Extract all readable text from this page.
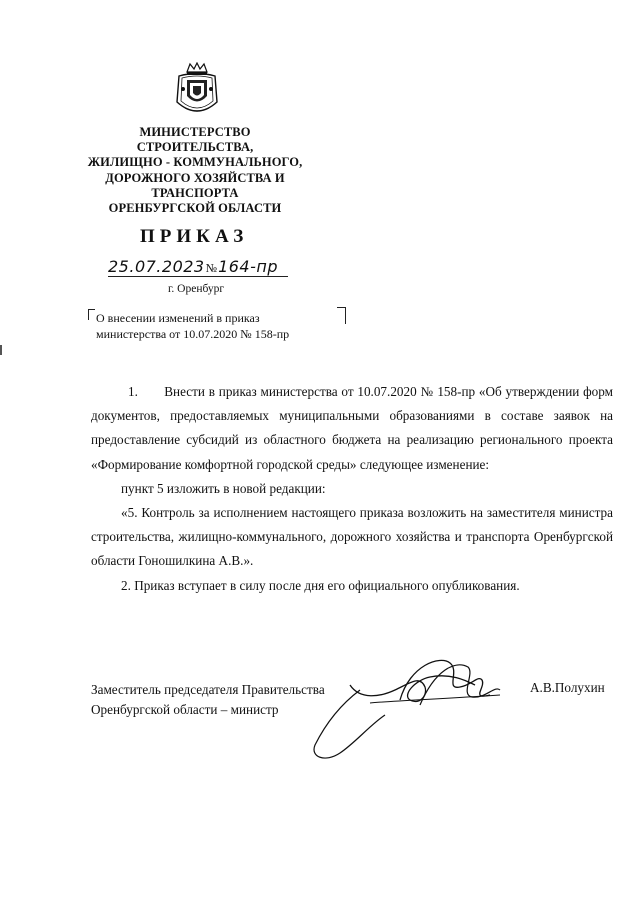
МИНИСТЕРСТВО
СТРОИТЕЛЬСТВА,
ЖИЛИЩНО - КОММУНАЛЬНОГО,
ДОРОЖНОГО ХОЗЯЙСТВА И
ТРАНСПОРТА
ОРЕНБУРГСКОЙ ОБЛАСТИ
ПРИКАЗ
25.07.2023№164-пр
г. Оренбург
О внесении изменений в приказ
министерства от 10.07.2020 № 158-пр

1.  Внести в приказ министерства от 10.07.2020 № 158-пр «Об утверждении форм документов, предоставляемых муниципальными образованиями в составе заявок на предоставление субсидий из областного бюджета на реализацию регионального проекта «Формирование комфортной городской среды» следующее изменение:

пункт 5 изложить в новой редакции:

«5. Контроль за исполнением настоящего приказа возложить на заместителя министра строительства, жилищно-коммунального, дорожного хозяйства и транспорта Оренбургской области Гоношилкина А.В.».

2. Приказ вступает в силу после дня его официального опубликования.

Заместитель председателя Правительства
Оренбургской области – министр
А.В.Полухин
